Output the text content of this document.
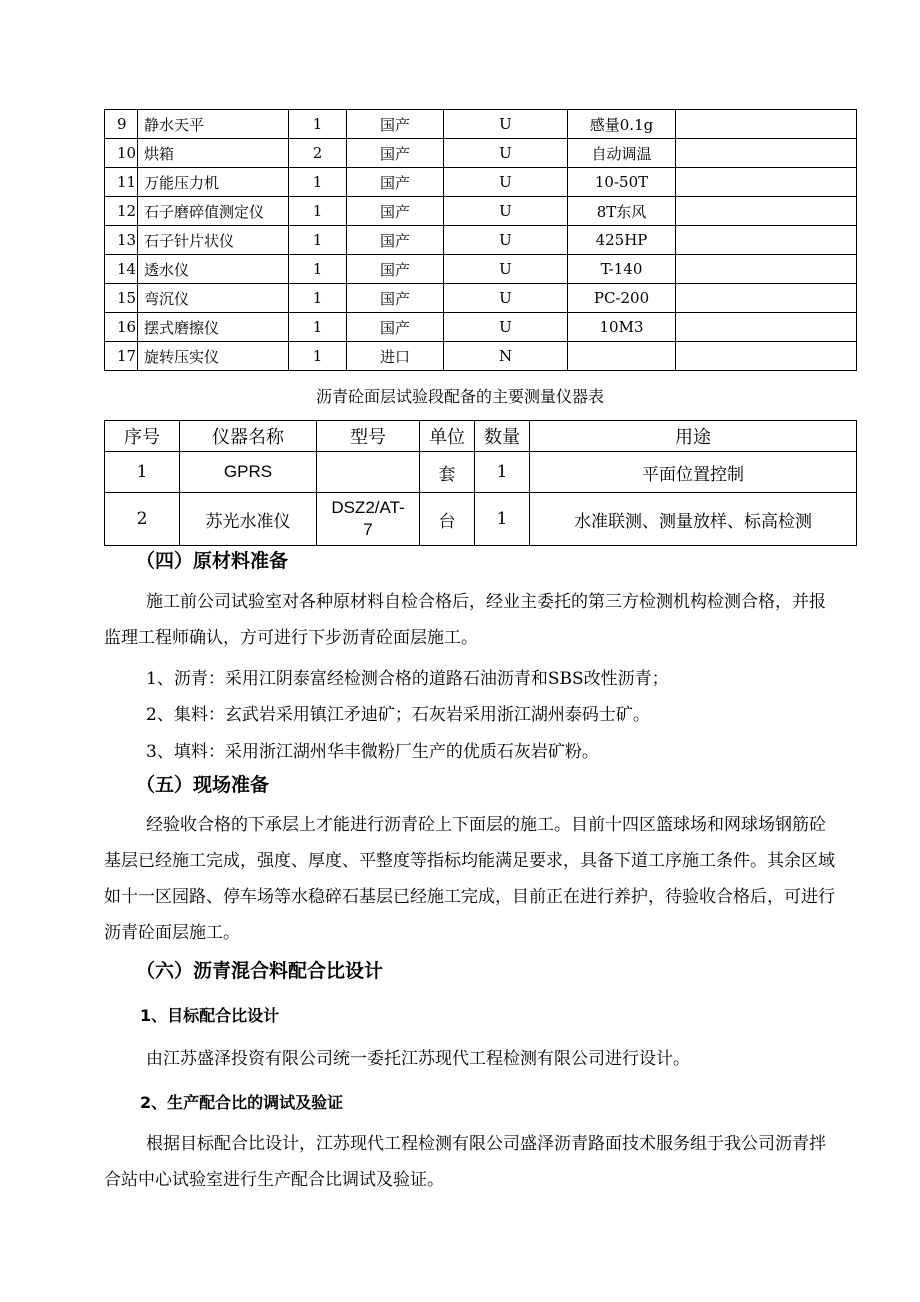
9	静水天平	1	国产	U	感量0.1g	
10	烘箱	2	国产	U	自动调温	
11	万能压力机	1	国产	U	10-50T	
12	石子磨碎值测定仪	1	国产	U	8T东风	
13	石子针片状仪	1	国产	U	425HP	
14	透水仪	1	国产	U	T-140	
15	弯沉仪	1	国产	U	PC-200	
16	摆式磨擦仪	1	国产	U	10M3	
17	旋转压实仪	1	进口	N		
沥青砼面层试验段配备的主要测量仪器表
序号	仪器名称	型号	单位	数量	用途
1	GPRS		套	1	平面位置控制
2	苏光水准仪	DSZ2/AT-7	台	1	水准联测、测量放样、标高检测
（四）原材料准备
施工前公司试验室对各种原材料自检合格后，经业主委托的第三方检测机构检测合格，并报监理工程师确认，方可进行下步沥青砼面层施工。
1、沥青：采用江阴泰富经检测合格的道路石油沥青和SBS改性沥青；
2、集料：玄武岩采用镇江矛迪矿；石灰岩采用浙江湖州泰码士矿。
3、填料：采用浙江湖州华丰微粉厂生产的优质石灰岩矿粉。
（五）现场准备
经验收合格的下承层上才能进行沥青砼上下面层的施工。目前十四区篮球场和网球场钢筋砼基层已经施工完成，强度、厚度、平整度等指标均能满足要求，具备下道工序施工条件。其余区域如十一区园路、停车场等水稳碎石基层已经施工完成，目前正在进行养护，待验收合格后，可进行沥青砼面层施工。
（六）沥青混合料配合比设计
1、目标配合比设计
由江苏盛泽投资有限公司统一委托江苏现代工程检测有限公司进行设计。
2、生产配合比的调试及验证
根据目标配合比设计，江苏现代工程检测有限公司盛泽沥青路面技术服务组于我公司沥青拌合站中心试验室进行生产配合比调试及验证。
